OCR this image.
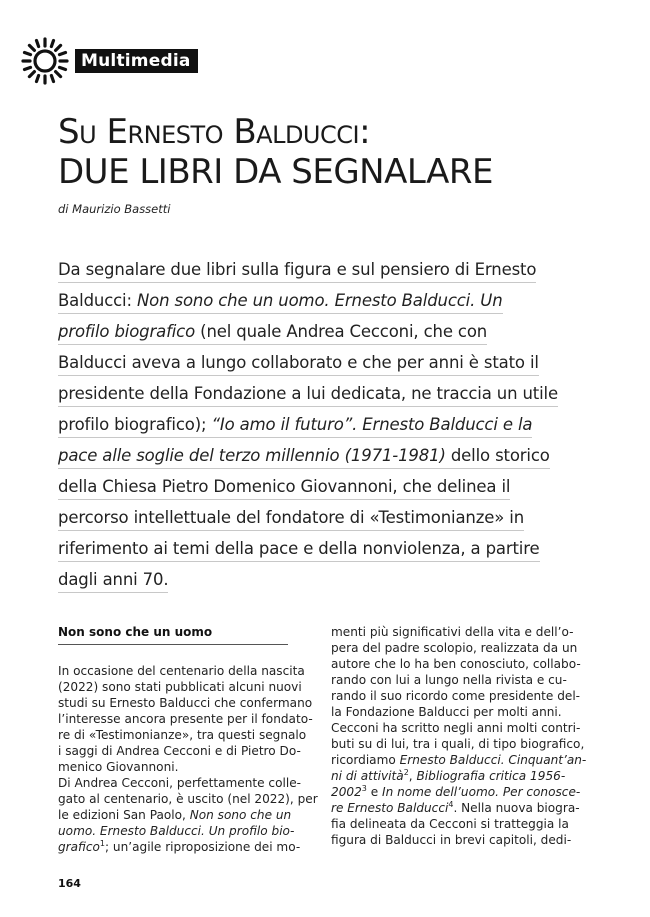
Multimedia
Su Ernesto Balducci:
DUE LIBRI DA SEGNALARE
di Maurizio Bassetti
Da segnalare due libri sulla figura e sul pensiero di Ernesto
Balducci: Non sono che un uomo. Ernesto Balducci. Un
profilo biografico (nel quale Andrea Cecconi, che con
Balducci aveva a lungo collaborato e che per anni è stato il
presidente della Fondazione a lui dedicata, ne traccia un utile
profilo biografico); “Io amo il futuro”. Ernesto Balducci e la
pace alle soglie del terzo millennio (1971-1981) dello storico
della Chiesa Pietro Domenico Giovannoni, che delinea il
percorso intellettuale del fondatore di «Testimonianze» in
riferimento ai temi della pace e della nonviolenza, a partire
dagli anni 70.
Non sono che un uomo
In occasione del centenario della nascita
(2022) sono stati pubblicati alcuni nuovi
studi su Ernesto Balducci che confermano
l’interesse ancora presente per il fondato-
re di «Testimonianze», tra questi segnalo
i saggi di Andrea Cecconi e di Pietro Do-
menico Giovannoni.
Di Andrea Cecconi, perfettamente colle-
gato al centenario, è uscito (nel 2022), per
le edizioni San Paolo, Non sono che un
uomo. Ernesto Balducci. Un profilo bio-
grafico$^1$; un’agile riproposizione dei mo-
menti più significativi della vita e dell’o-
pera del padre scolopio, realizzata da un
autore che lo ha ben conosciuto, collabo-
rando con lui a lungo nella rivista e cu-
rando il suo ricordo come presidente del-
la Fondazione Balducci per molti anni.
Cecconi ha scritto negli anni molti contri-
buti su di lui, tra i quali, di tipo biografico,
ricordiamo Ernesto Balducci. Cinquant’an-
ni di attività$^2$, Bibliografia critica 1956-
2002$^3$ e In nome dell’uomo. Per conosce-
re Ernesto Balducci$^4$. Nella nuova biogra-
fia delineata da Cecconi si tratteggia la
figura di Balducci in brevi capitoli, dedi-
164
